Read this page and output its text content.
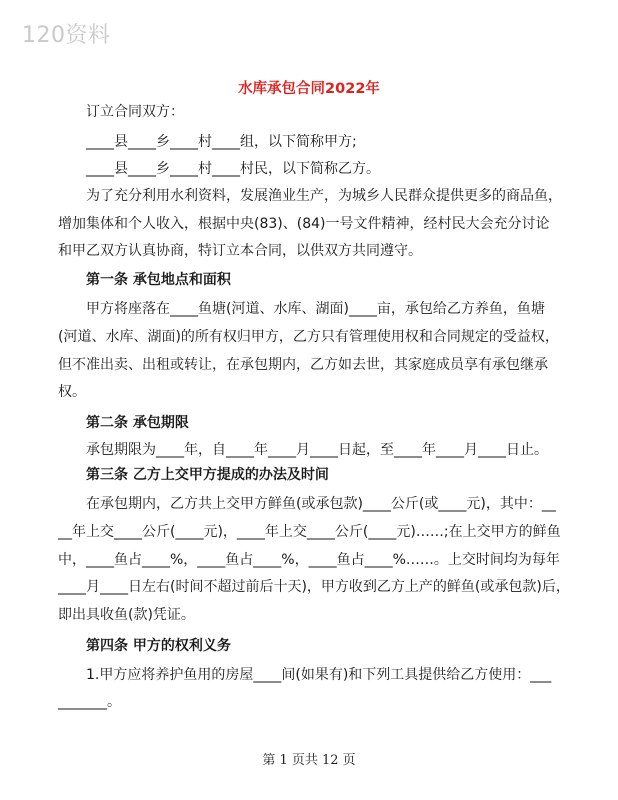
120资料
水库承包合同2022年
订立合同双方：
____县____乡____村____组，以下简称甲方;
____县____乡____村____村民，以下简称乙方。
为了充分利用水利资料，发展渔业生产，为城乡人民群众提供更多的商品鱼，
增加集体和个人收入，根据中央(83)、(84)一号文件精神，经村民大会充分讨论
和甲乙双方认真协商，特订立本合同，以供双方共同遵守。
第一条 承包地点和面积
甲方将座落在____鱼塘(河道、水库、湖面)____亩，承包给乙方养鱼，鱼塘
(河道、水库、湖面)的所有权归甲方，乙方只有管理使用权和合同规定的受益权，
但不准出卖、出租或转让，在承包期内，乙方如去世，其家庭成员享有承包继承
权。
第二条 承包期限
承包期限为____年，自____年____月____日起，至____年____月____日止。
第三条 乙方上交甲方提成的办法及时间
在承包期内，乙方共上交甲方鲜鱼(或承包款)____公斤(或____元)，其中：__
__年上交____公斤(____元)，____年上交____公斤(____元)……;在上交甲方的鲜鱼
中，____鱼占____%，____鱼占____%，____鱼占____%……。上交时间均为每年
____月____日左右(时间不超过前后十天)，甲方收到乙方上产的鲜鱼(或承包款)后，
即出具收鱼(款)凭证。
第四条 甲方的权利义务
1.甲方应将养护鱼用的房屋____间(如果有)和下列工具提供给乙方使用：___
_______。
第 1 页共 12 页
